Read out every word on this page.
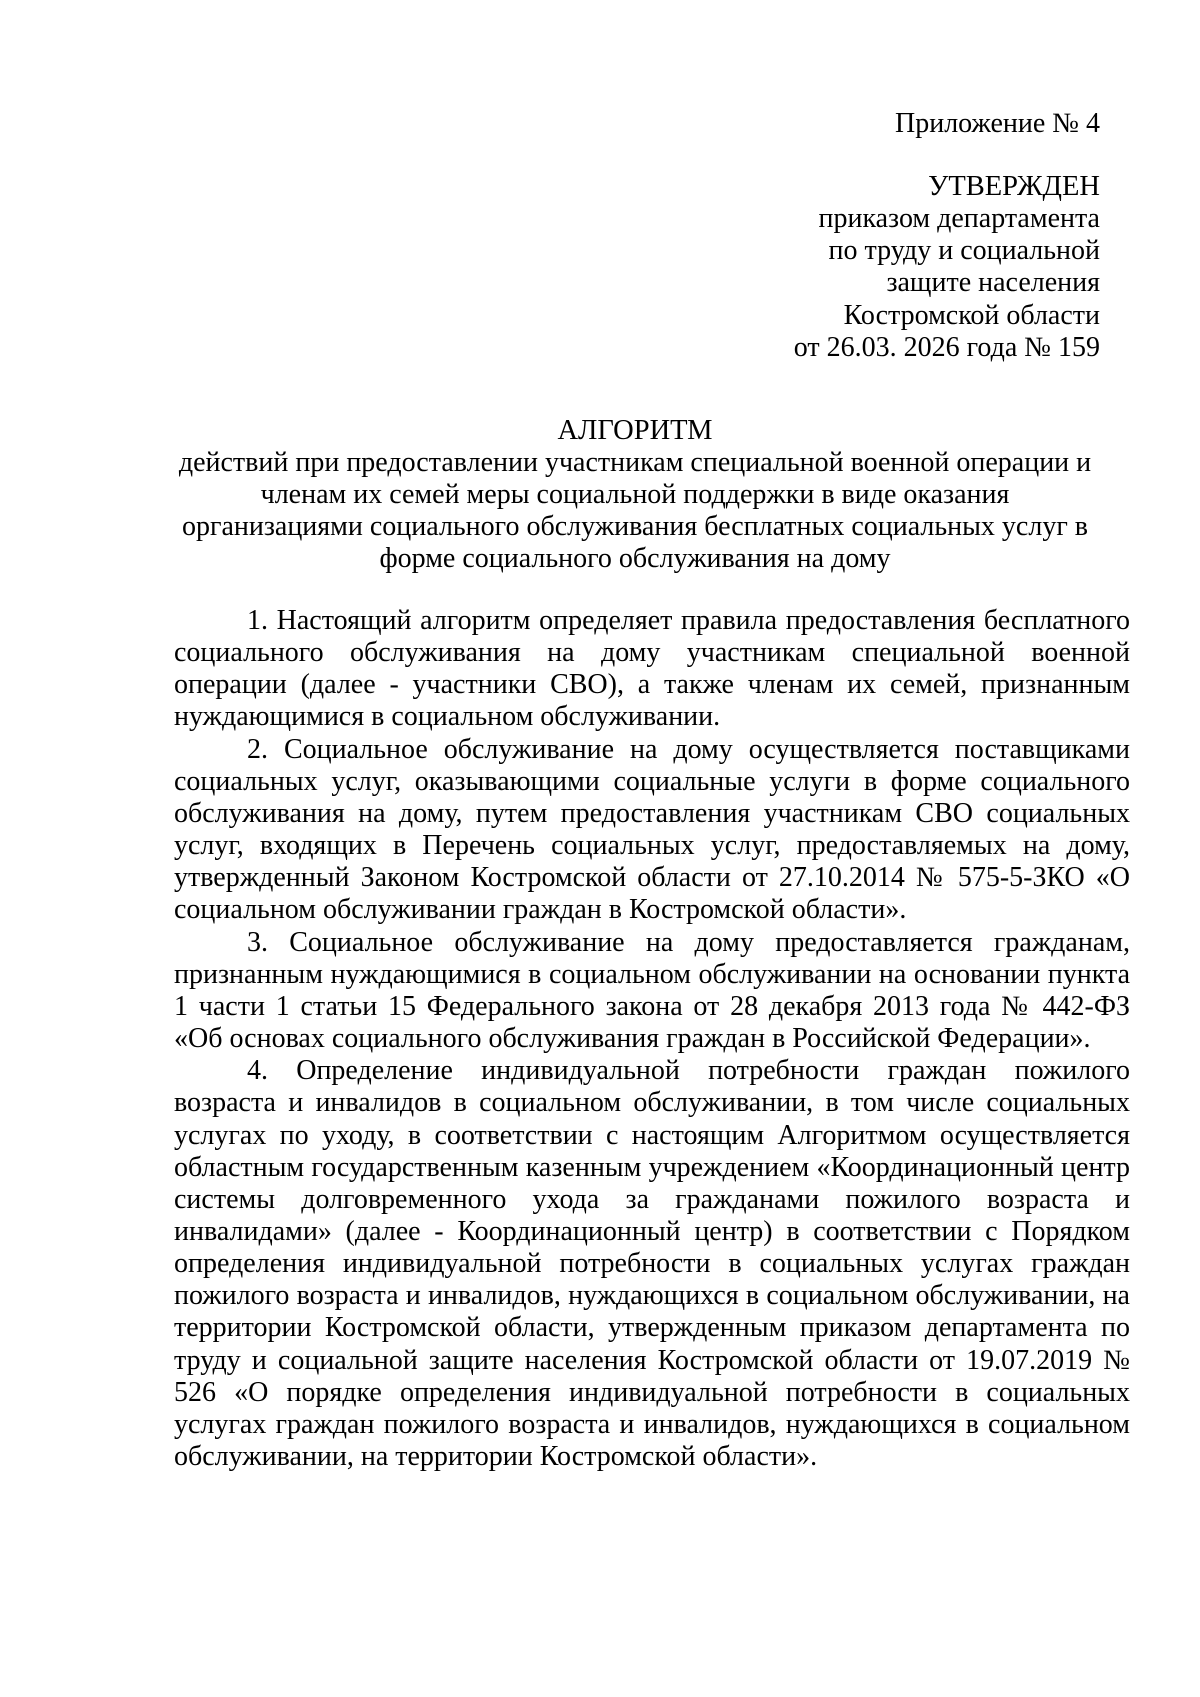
Приложение № 4

УТВЕРЖДЕН

приказом департамента
по труду и социальной
защите населения
Костромской области
от 26.03. 2026 года № 159
АЛГОРИТМ

действий при предоставлении участникам специальной военной операции и

членам их семей меры социальной поддержки в виде оказания

организациями социального обслуживания бесплатных социальных услуг в

форме социального обслуживания на дому

1. Настоящий алгоритм определяет правила предоставления бесплатного социального обслуживания на дому участникам специальной военной операции (далее - участники СВО), а также членам их семей, признанным нуждающимися в социальном обслуживании.

2. Социальное обслуживание на дому осуществляется поставщиками социальных услуг, оказывающими социальные услуги в форме социального обслуживания на дому, путем предоставления участникам СВО социальных услуг, входящих в Перечень социальных услуг, предоставляемых на дому, утвержденный Законом Костромской области от 27.10.2014 № 575-5-ЗКО «О социальном обслуживании граждан в Костромской области».

3. Социальное обслуживание на дому предоставляется гражданам, признанным нуждающимися в социальном обслуживании на основании пункта 1 части 1 статьи 15 Федерального закона от 28 декабря 2013 года № 442-ФЗ «Об основах социального обслуживания граждан в Российской Федерации».

4. Определение индивидуальной потребности граждан пожилого возраста и инвалидов в социальном обслуживании, в том числе социальных услугах по уходу, в соответствии с настоящим Алгоритмом осуществляется областным государственным казенным учреждением «Координационный центр системы долговременного ухода за гражданами пожилого возраста и инвалидами» (далее - Координационный центр) в соответствии с Порядком определения индивидуальной потребности в социальных услугах граждан пожилого возраста и инвалидов, нуждающихся в социальном обслуживании, на территории Костромской области, утвержденным приказом департамента по труду и социальной защите населения Костромской области от 19.07.2019 № 526 «О порядке определения индивидуальной потребности в социальных услугах граждан пожилого возраста и инвалидов, нуждающихся в социальном обслуживании, на территории Костромской области».
